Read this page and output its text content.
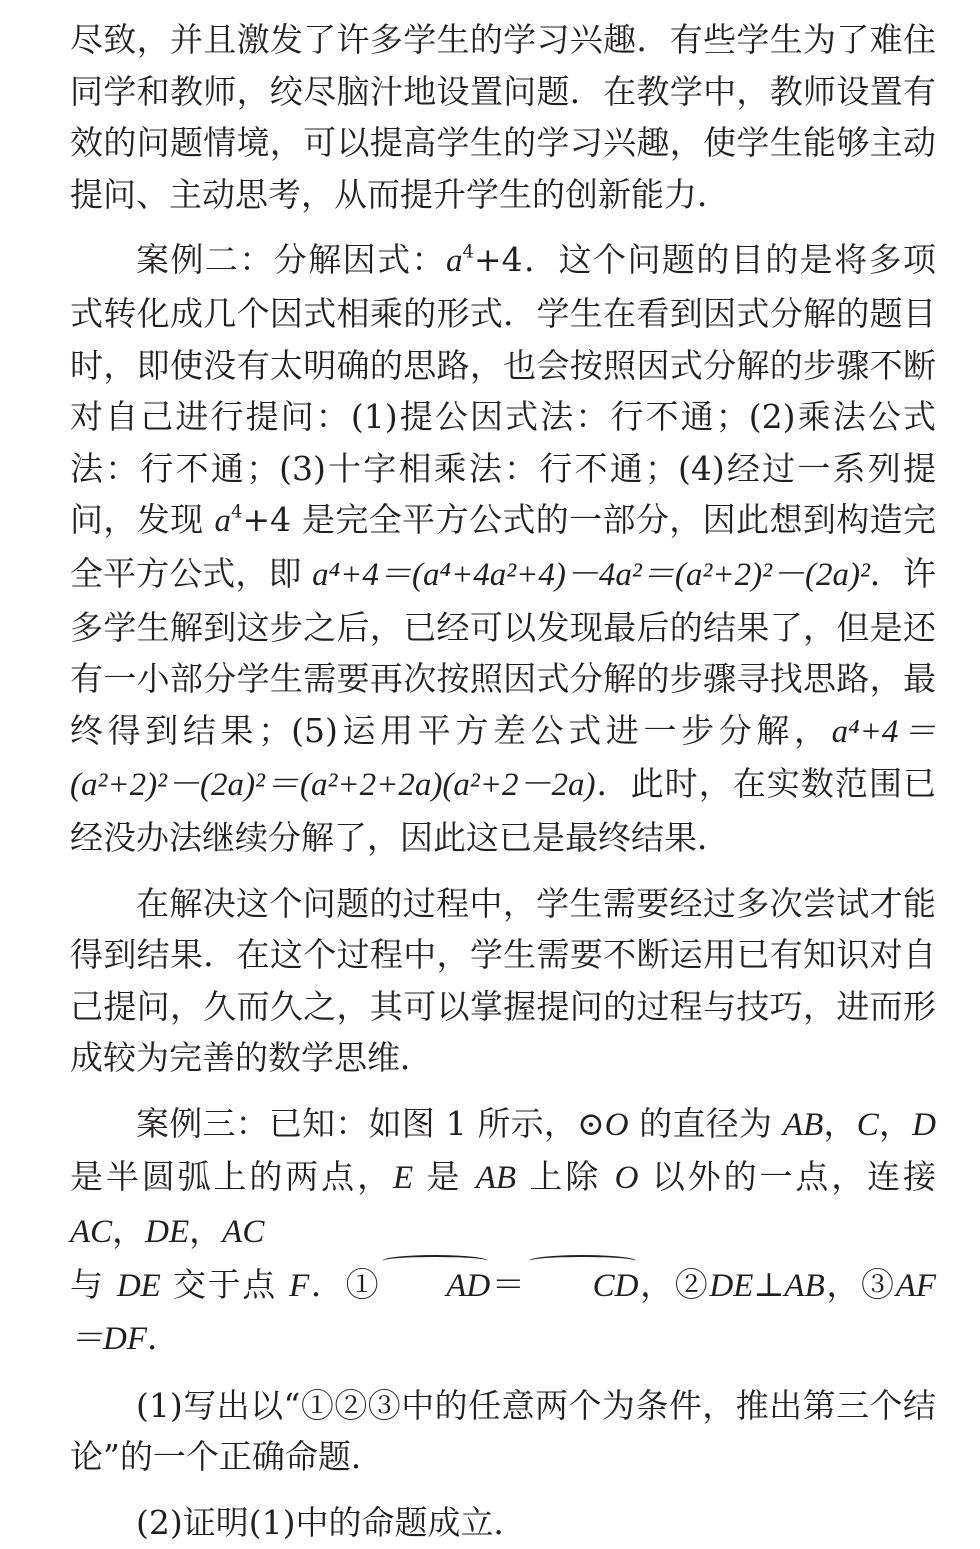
尽致，并且激发了许多学生的学习兴趣．有些学生为了难住同学和教师，绞尽脑汁地设置问题．在教学中，教师设置有效的问题情境，可以提高学生的学习兴趣，使学生能够主动提问、主动思考，从而提升学生的创新能力．

案例二：分解因式：$a^4+4$．这个问题的目的是将多项式转化成几个因式相乘的形式．学生在看到因式分解的题目时，即使没有太明确的思路，也会按照因式分解的步骤不断对自己进行提问：(1)提公因式法：行不通；(2)乘法公式法：行不通；(3)十字相乘法：行不通；(4)经过一系列提问，发现 $a^4+4$ 是完全平方公式的一部分，因此想到构造完全平方公式，即 a⁴+4＝(a⁴+4a²+4)－4a²＝(a²+2)²－(2a)²．许多学生解到这步之后，已经可以发现最后的结果了，但是还有一小部分学生需要再次按照因式分解的步骤寻找思路，最终得到结果；(5)运用平方差公式进一步分解，a⁴+4＝(a²+2)²－(2a)²＝(a²+2+2a)(a²+2－2a)．此时，在实数范围已经没办法继续分解了，因此这已是最终结果．

在解决这个问题的过程中，学生需要经过多次尝试才能得到结果．在这个过程中，学生需要不断运用已有知识对自己提问，久而久之，其可以掌握提问的过程与技巧，进而形成较为完善的数学思维．

案例三：已知：如图 1 所示，⊙O 的直径为 AB，C，D 是半圆弧上的两点，E 是 AB 上除 O 以外的一点，连接 AC，DE，AC
与 DE 交于点 F．① AD＝ CD，②DE⊥AB，③AF＝DF．

(1)写出以“①②③中的任意两个为条件，推出第三个结论”的一个正确命题．

(2)证明(1)中的命题成立．
